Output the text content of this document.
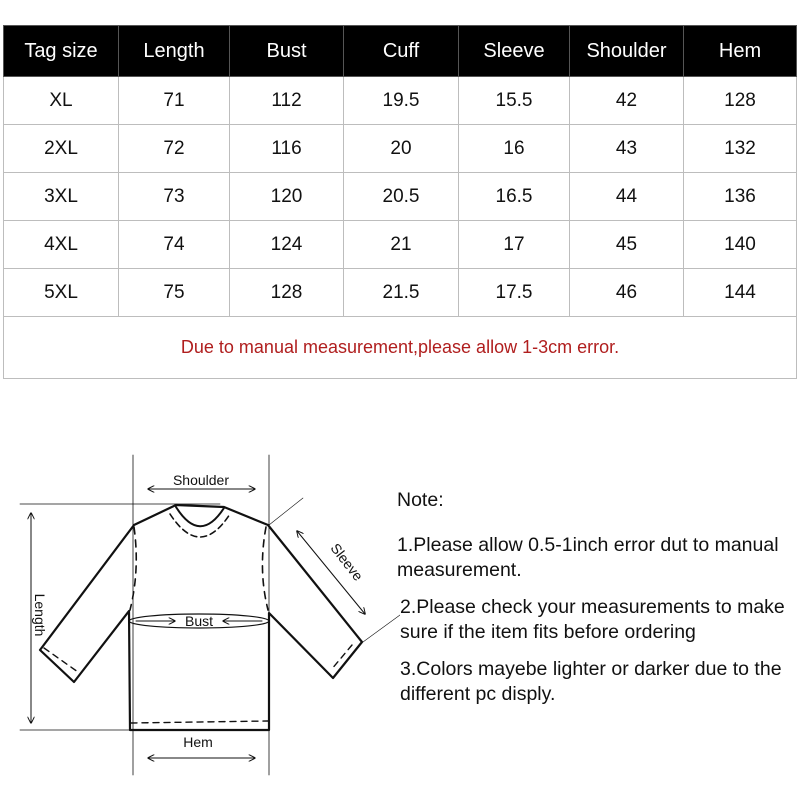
Tag size	Length	Bust	Cuff	Sleeve	Shoulder	Hem
XL	71	112	19.5	15.5	42	128
2XL	72	116	20	16	43	132
3XL	73	120	20.5	16.5	44	136
4XL	74	124	21	17	45	140
5XL	75	128	21.5	17.5	46	144
Due to manual measurement,please allow 1-3cm error.						
Shoulder
Bust
Hem
Length
Sleeve
Note:

1.Please allow 0.5-1inch error dut to manual measurement.

2.Please check your measurements to make sure if the item fits before ordering

3.Colors mayebe lighter or darker due to the different pc disply.
